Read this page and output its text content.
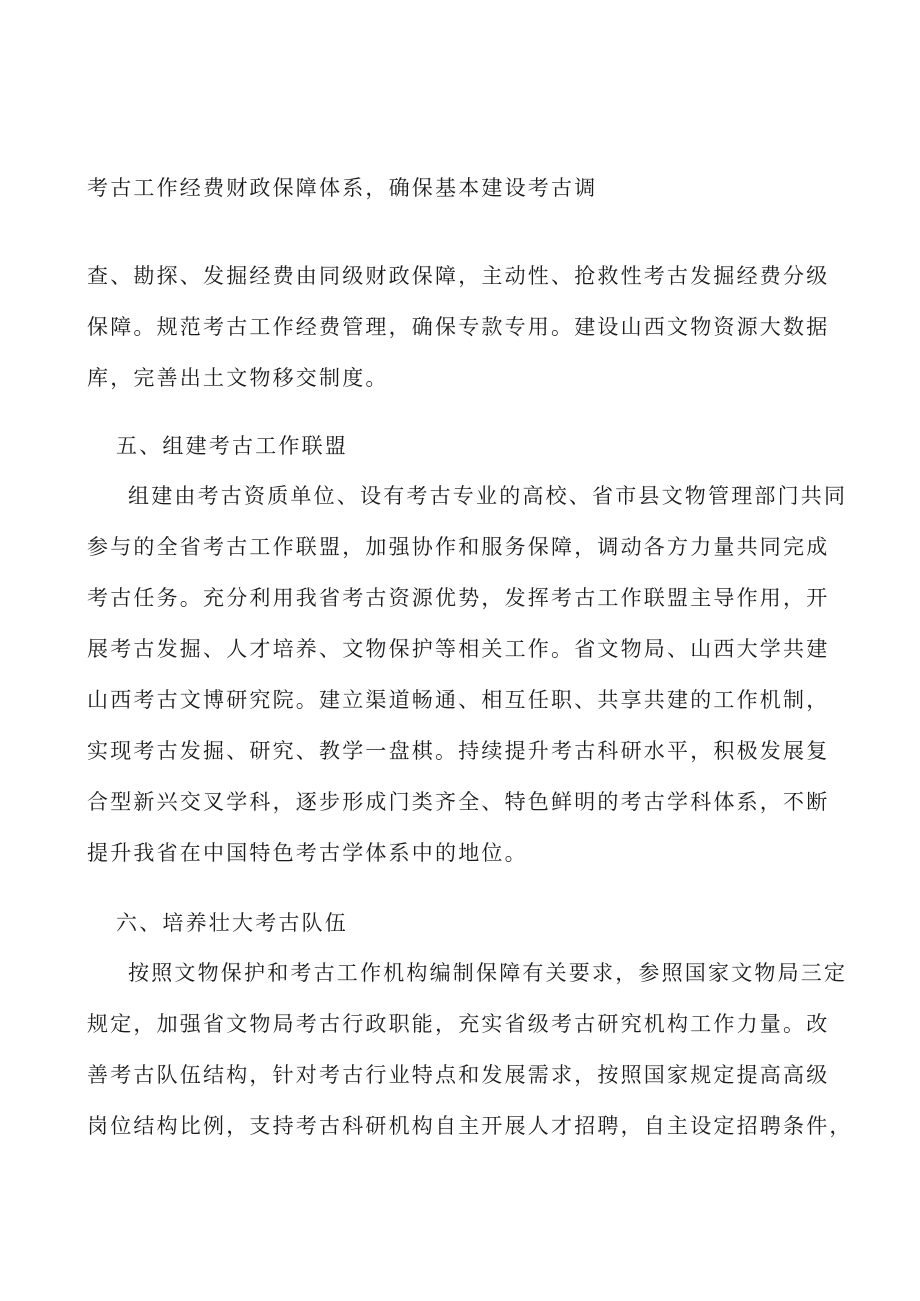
考古工作经费财政保障体系，确保基本建设考古调
查、勘探、发掘经费由同级财政保障，主动性、抢救性考古发掘经费分级
保障。规范考古工作经费管理，确保专款专用。建设山西文物资源大数据
库，完善出土文物移交制度。
五、组建考古工作联盟
组建由考古资质单位、设有考古专业的高校、省市县文物管理部门共同
参与的全省考古工作联盟，加强协作和服务保障，调动各方力量共同完成
考古任务。充分利用我省考古资源优势，发挥考古工作联盟主导作用，开
展考古发掘、人才培养、文物保护等相关工作。省文物局、山西大学共建
山西考古文博研究院。建立渠道畅通、相互任职、共享共建的工作机制，
实现考古发掘、研究、教学一盘棋。持续提升考古科研水平，积极发展复
合型新兴交叉学科，逐步形成门类齐全、特色鲜明的考古学科体系，不断
提升我省在中国特色考古学体系中的地位。
六、培养壮大考古队伍
按照文物保护和考古工作机构编制保障有关要求，参照国家文物局三定
规定，加强省文物局考古行政职能，充实省级考古研究机构工作力量。改
善考古队伍结构，针对考古行业特点和发展需求，按照国家规定提高高级
岗位结构比例，支持考古科研机构自主开展人才招聘，自主设定招聘条件，
